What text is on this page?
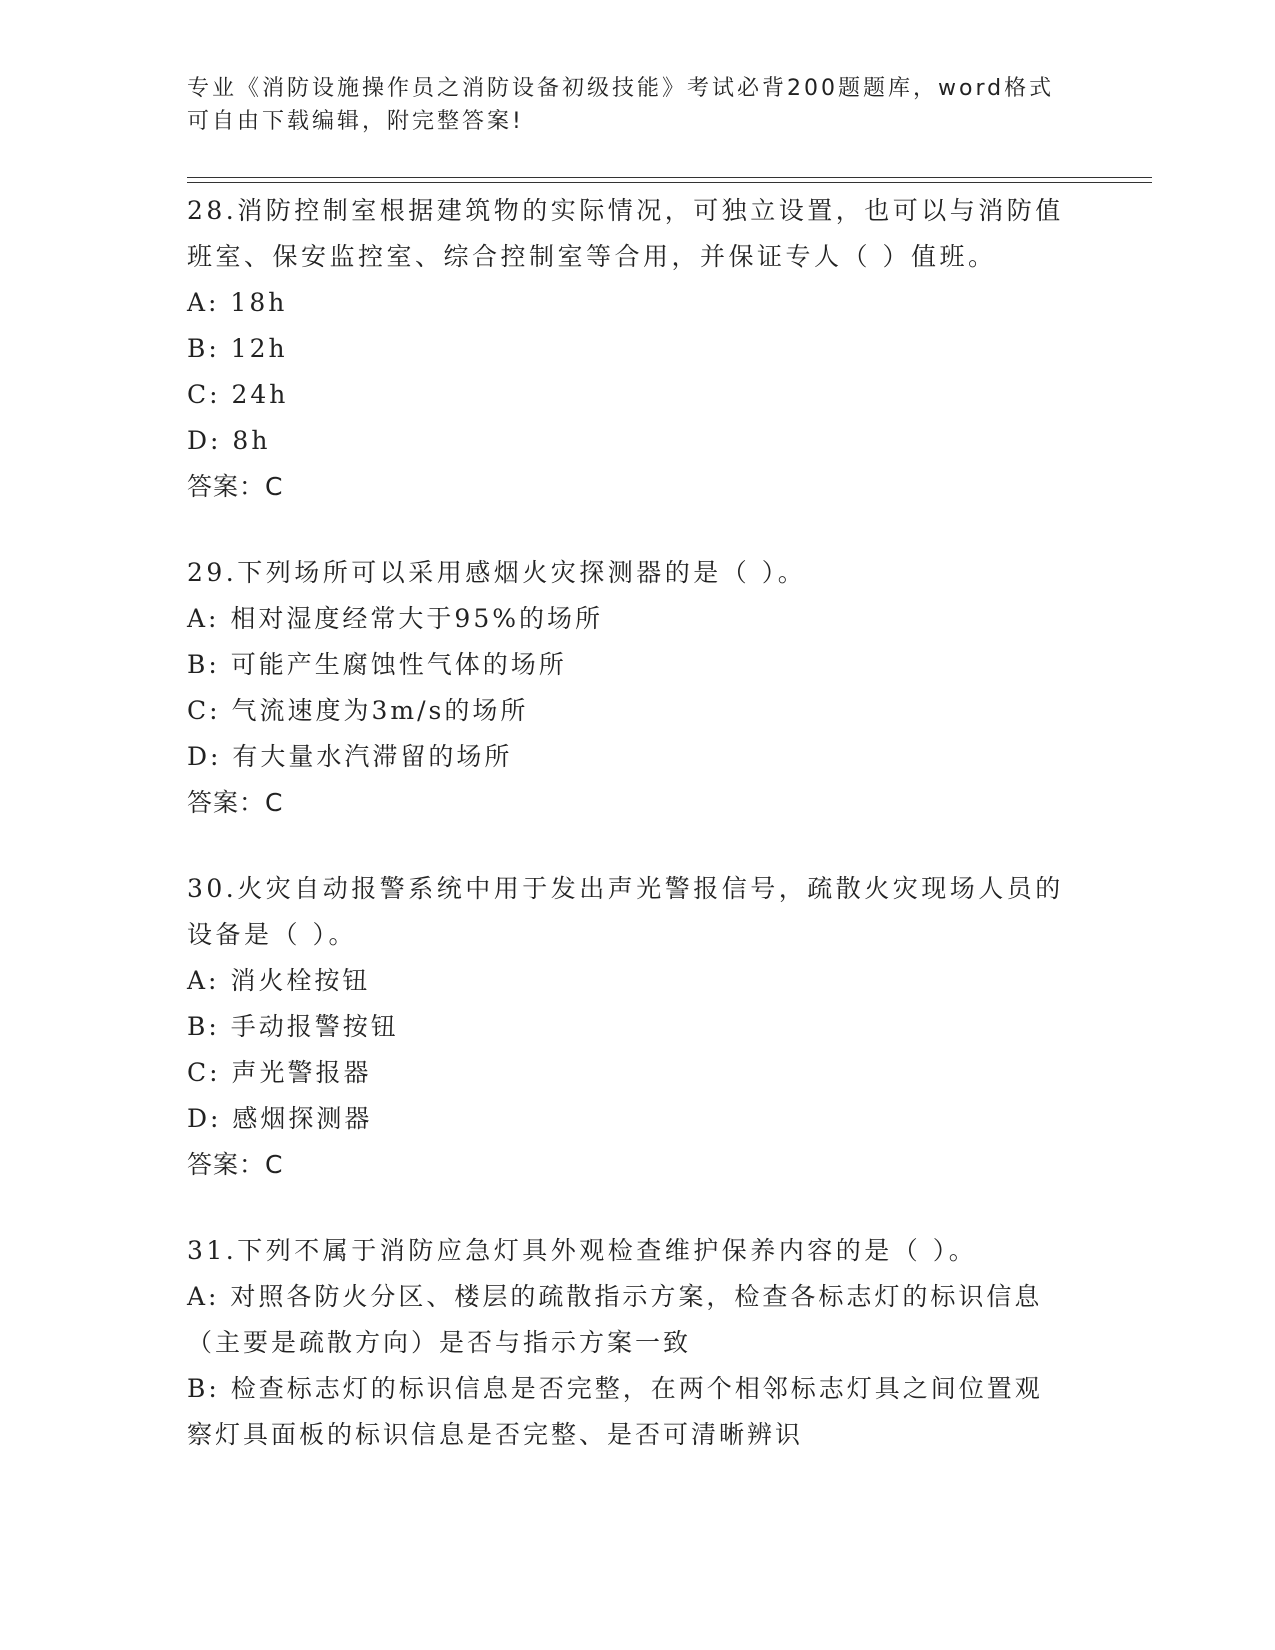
专业《消防设施操作员之消防设备初级技能》考试必背200题题库，word格式可自由下载编辑，附完整答案!

28.消防控制室根据建筑物的实际情况，可独立设置，也可以与消防值班室、保安监控室、综合控制室等合用，并保证专人（ ）值班。

A: 18h

B: 12h

C: 24h

D: 8h

答案：C

29.下列场所可以采用感烟火灾探测器的是（ ）。

A: 相对湿度经常大于95%的场所

B: 可能产生腐蚀性气体的场所

C: 气流速度为3m/s的场所

D: 有大量水汽滞留的场所

答案：C

30.火灾自动报警系统中用于发出声光警报信号，疏散火灾现场人员的设备是（ ）。

A: 消火栓按钮

B: 手动报警按钮

C: 声光警报器

D: 感烟探测器

答案：C

31.下列不属于消防应急灯具外观检查维护保养内容的是（ ）。

A: 对照各防火分区、楼层的疏散指示方案，检查各标志灯的标识信息（主要是疏散方向）是否与指示方案一致

B: 检查标志灯的标识信息是否完整，在两个相邻标志灯具之间位置观察灯具面板的标识信息是否完整、是否可清晰辨识
